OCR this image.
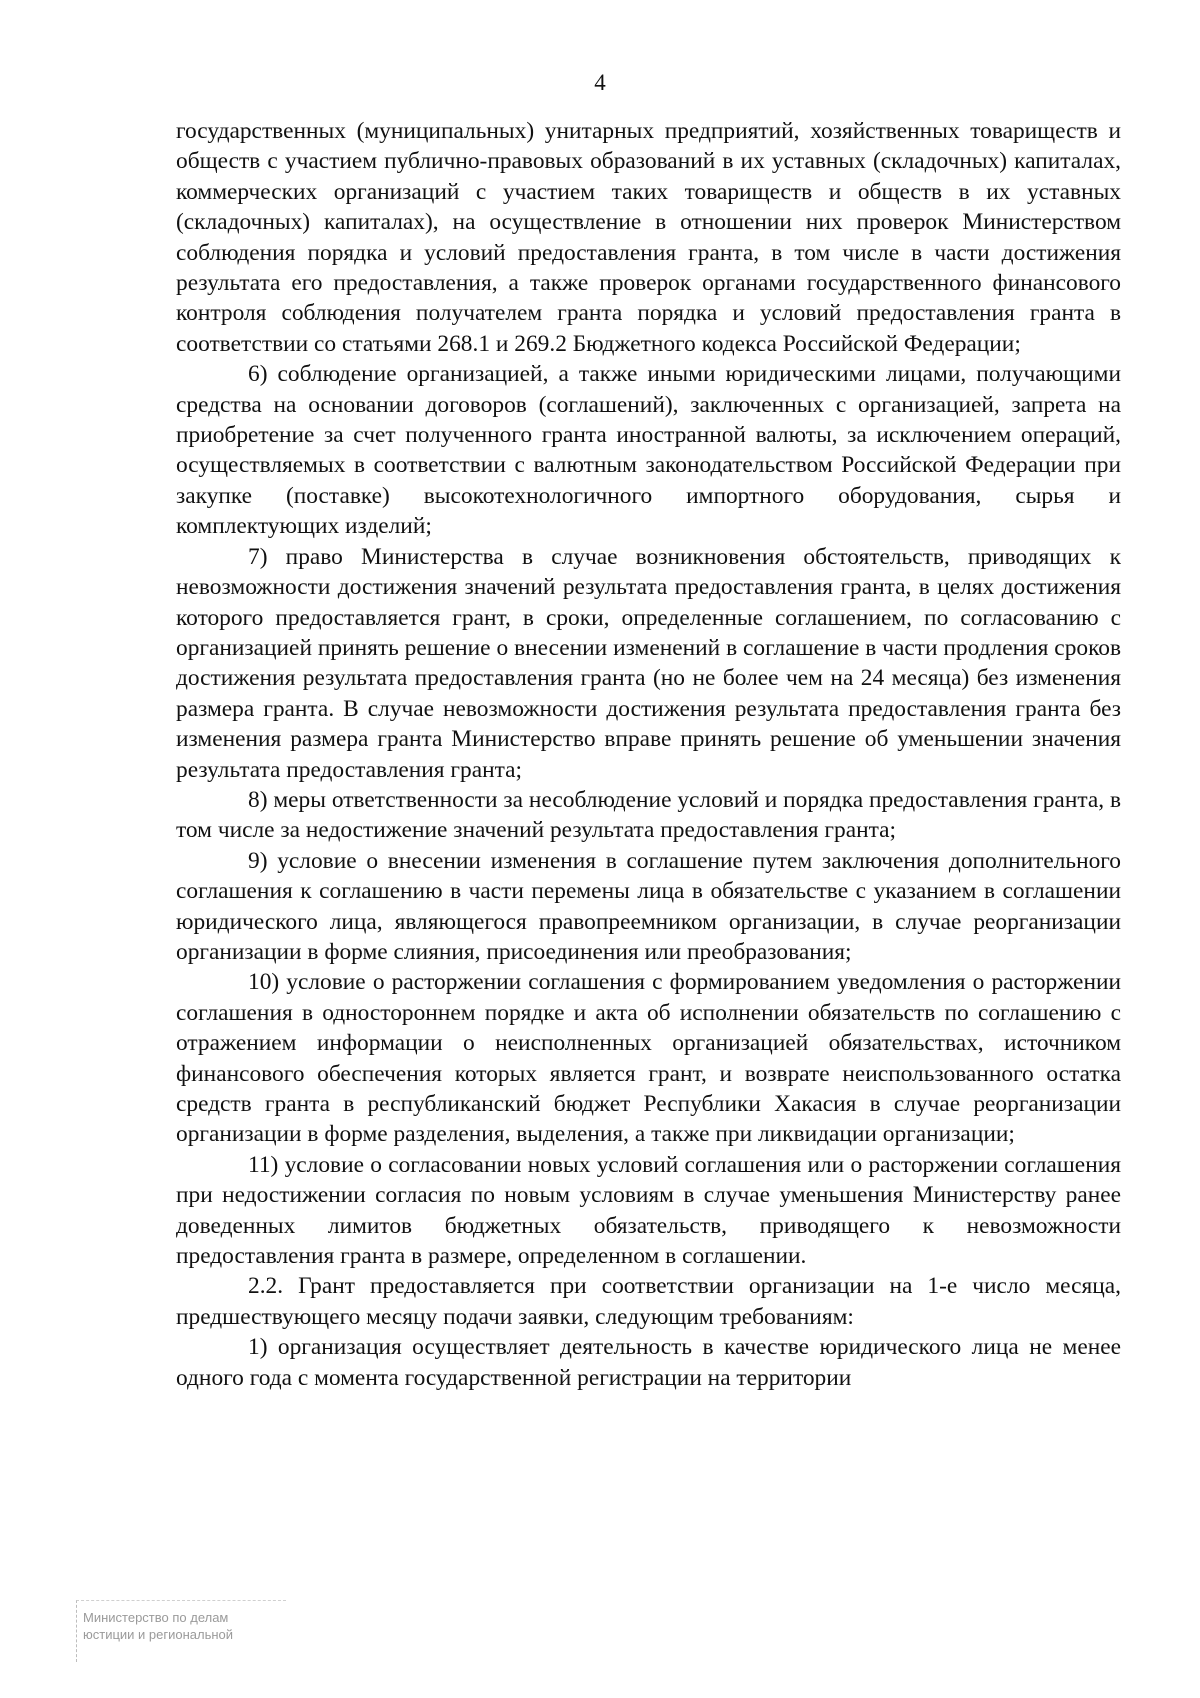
4

государственных (муниципальных) унитарных предприятий, хозяйственных товариществ и обществ с участием публично-правовых образований в их уставных (складочных) капиталах, коммерческих организаций с участием таких товариществ и обществ в их уставных (складочных) капиталах), на осуществление в отношении них проверок Министерством соблюдения порядка и условий предоставления гранта, в том числе в части достижения результата его предоставления, а также проверок органами государственного финансового контроля соблюдения получателем гранта порядка и условий предоставления гранта в соответствии со статьями 268.1 и 269.2 Бюджетного кодекса Российской Федерации;

6) соблюдение организацией, а также иными юридическими лицами, получающими средства на основании договоров (соглашений), заключенных с организацией, запрета на приобретение за счет полученного гранта иностранной валюты, за исключением операций, осуществляемых в соответствии с валютным законодательством Российской Федерации при закупке (поставке) высокотехнологичного импортного оборудования, сырья и комплектующих изделий;

7) право Министерства в случае возникновения обстоятельств, приводящих к невозможности достижения значений результата предоставления гранта, в целях достижения которого предоставляется грант, в сроки, определенные соглашением, по согласованию с организацией принять решение о внесении изменений в соглашение в части продления сроков достижения результата предоставления гранта (но не более чем на 24 месяца) без изменения размера гранта. В случае невозможности достижения результата предоставления гранта без изменения размера гранта Министерство вправе принять решение об уменьшении значения результата предоставления гранта;

8) меры ответственности за несоблюдение условий и порядка предоставления гранта, в том числе за недостижение значений результата предоставления гранта;

9) условие о внесении изменения в соглашение путем заключения дополнительного соглашения к соглашению в части перемены лица в обязательстве с указанием в соглашении юридического лица, являющегося правопреемником организации, в случае реорганизации организации в форме слияния, присоединения или преобразования;

10) условие о расторжении соглашения с формированием уведомления о расторжении соглашения в одностороннем порядке и акта об исполнении обязательств по соглашению с отражением информации о неисполненных организацией обязательствах, источником финансового обеспечения которых является грант, и возврате неиспользованного остатка средств гранта в республиканский бюджет Республики Хакасия в случае реорганизации организации в форме разделения, выделения, а также при ликвидации организации;

11) условие о согласовании новых условий соглашения или о расторжении соглашения при недостижении согласия по новым условиям в случае уменьшения Министерству ранее доведенных лимитов бюджетных обязательств, приводящего к невозможности предоставления гранта в размере, определенном в соглашении.

2.2. Грант предоставляется при соответствии организации на 1-е число месяца, предшествующего месяцу подачи заявки, следующим требованиям:

1) организация осуществляет деятельность в качестве юридического лица не менее одного года с момента государственной регистрации на территории

Министерство по делам
юстиции и региональной
